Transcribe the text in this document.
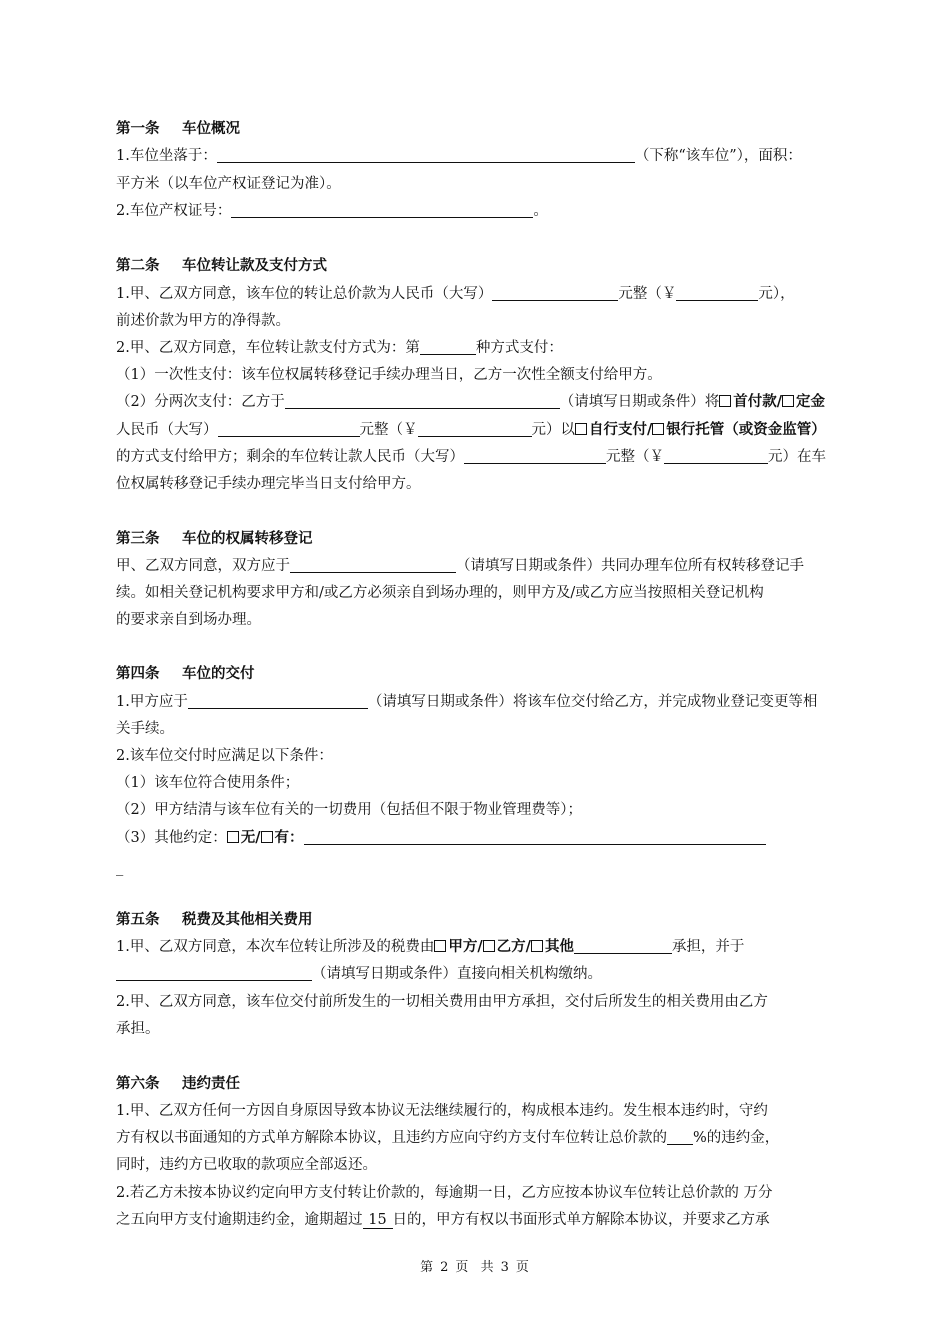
第一条 车位概况
1.车位坐落于：	（下称“该车位”），面积：
平方米（以车位产权证登记为准）。
2.车位产权证号：	。
第二条 车位转让款及支付方式
1.甲、乙双方同意，该车位的转让总价款为人民币（大写）	元整（￥	元），
前述价款为甲方的净得款。
2.甲、乙双方同意，车位转让款支付方式为：第	种方式支付：
（1）一次性支付：该车位权属转移登记手续办理当日，乙方一次性全额支付给甲方。
（2）分两次支付：乙方于	（请填写日期或条件）将 首付款/ 定金
人民币（大写）	元整（￥	元）以 自行支付/ 银行托管（或资金监管）
的方式支付给甲方；剩余的车位转让款人民币（大写）	元整（￥	元）在车
位权属转移登记手续办理完毕当日支付给甲方。
第三条 车位的权属转移登记
甲、乙双方同意，双方应于	（请填写日期或条件）共同办理车位所有权转移登记手
续。如相关登记机构要求甲方和/或乙方必须亲自到场办理的，则甲方及/或乙方应当按照相关登记机构
的要求亲自到场办理。
第四条 车位的交付
1.甲方应于	（请填写日期或条件）将该车位交付给乙方，并完成物业登记变更等相
关手续。
2.该车位交付时应满足以下条件：
（1）该车位符合使用条件；
（2）甲方结清与该车位有关的一切费用（包括但不限于物业管理费等）；
（3）其他约定： 无/ 有：
_
第五条 税费及其他相关费用
1.甲、乙双方同意，本次车位转让所涉及的税费由 甲方/ 乙方/ 其他	承担，并于
（请填写日期或条件）直接向相关机构缴纳。
2.甲、乙双方同意，该车位交付前所发生的一切相关费用由甲方承担，交付后所发生的相关费用由乙方
承担。
第六条 违约责任
1.甲、乙双方任何一方因自身原因导致本协议无法继续履行的，构成根本违约。发生根本违约时，守约
方有权以书面通知的方式单方解除本协议，且违约方应向守约方支付车位转让总价款的 %的违约金，
同时，违约方已收取的款项应全部返还。
2.若乙方未按本协议约定向甲方支付转让价款的，每逾期一日，乙方应按本协议车位转让总价款的 万分
之五向甲方支付逾期违约金，逾期超过 15 日的，甲方有权以书面形式单方解除本协议，并要求乙方承
第 2 页 共 3 页
